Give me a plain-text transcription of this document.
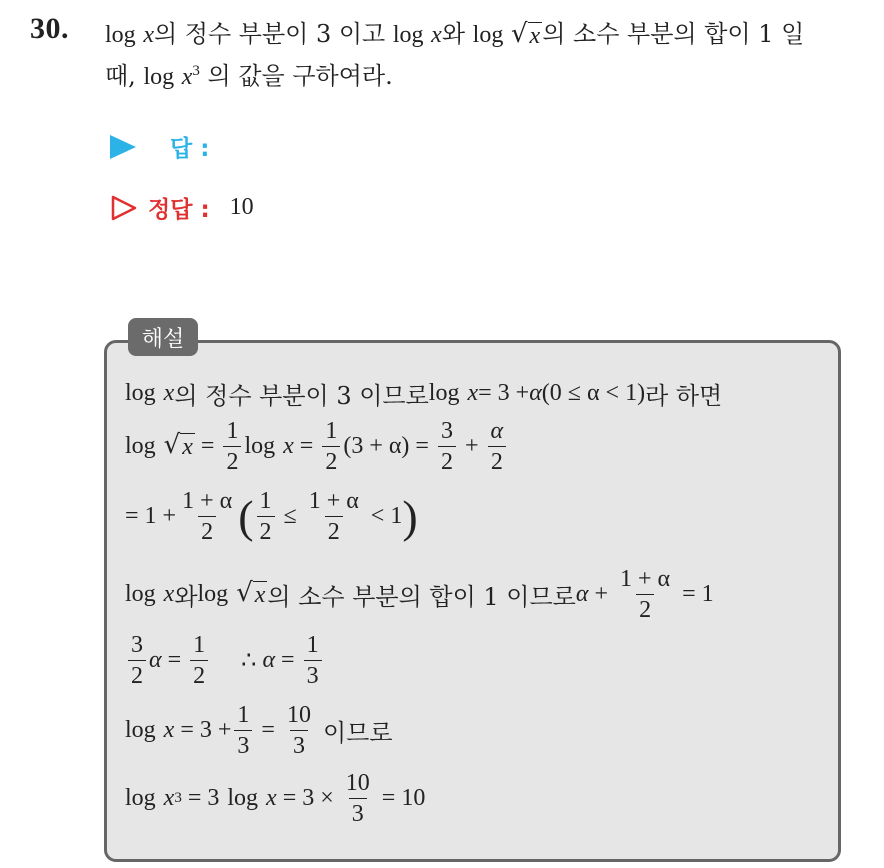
30. log x의 정수 부분이 3 이고 log x와 log √ x 의 소수 부분의 합이 1 일
때, $\log x^3$ 의 값을 구하여라.
답 :
정답 : 10
해설
log x 의 정수 부분이 3 이므로 log x = 3 + α (0 ≤ α < 1) 라 하면
log √ $x = \frac{1}{2}$ $\log x = \frac{1}{2} (3 + \alpha) = \frac{3}{2} + \frac{\alpha}{2}$
= $1 + \frac{1 + \alpha}{2}$ ( $\frac{1}{2} \le \frac{1 + \alpha}{2} < 1$ )
log x 와 log √ x 의 소수 부분의 합이 1 이므로 $\alpha + \frac{1 + \alpha}{2} = 1$
$\frac{3}{2}$ $\alpha = \frac{1}{2}$ ∴ $\alpha = \frac{1}{3}$
$\log x = 3 + \frac{1}{3} = \frac{10}{3}$ 이므로
log x 3 = 3 $\log x = 3 \times \frac{10}{3} = 10$
